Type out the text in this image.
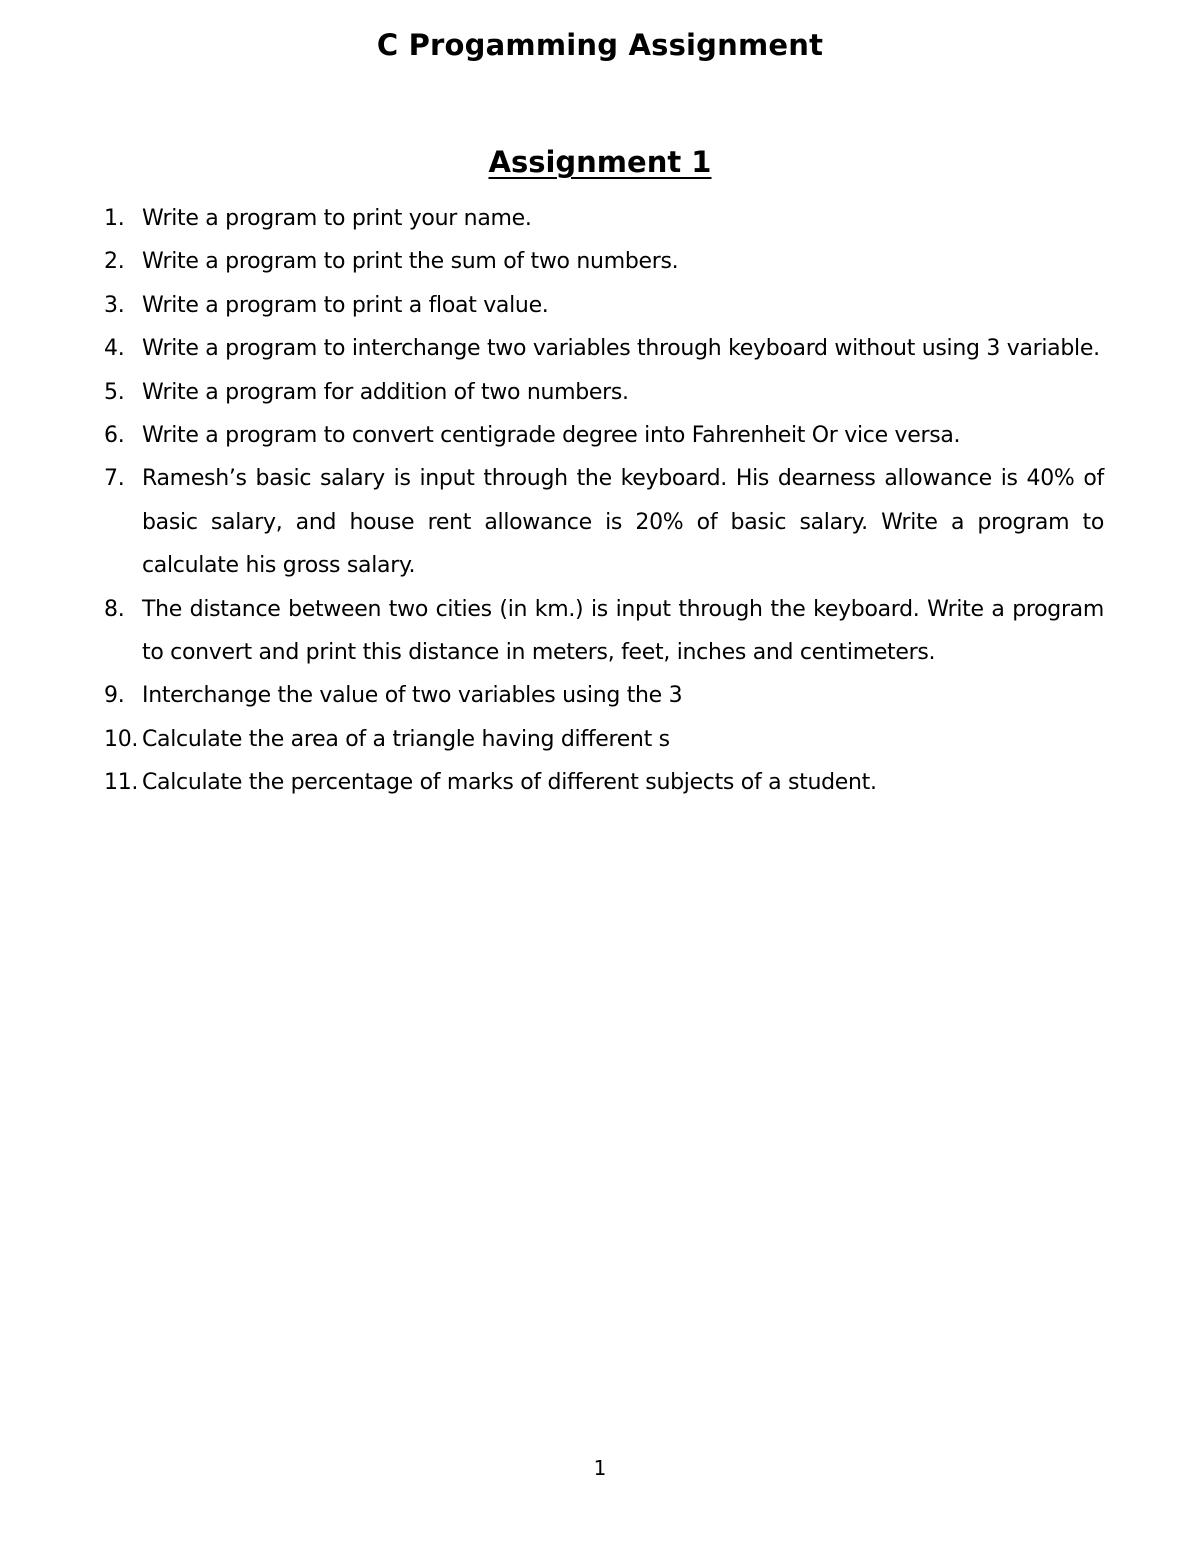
C Progamming Assignment
Assignment 1
1. Write a program to print your name.
2. Write a program to print the sum of two numbers.
3. Write a program to print a float value.
4. Write a program to interchange two variables through keyboard without using 3 variable.
5. Write a program for addition of two numbers.
6. Write a program to convert centigrade degree into Fahrenheit Or vice versa.
7. Ramesh’s basic salary is input through the keyboard. His dearness allowance is 40% of basic salary, and house rent allowance is 20% of basic salary. Write a program to calculate his gross salary.
8. The distance between two cities (in km.) is input through the keyboard. Write a program to convert and print this distance in meters, feet, inches and centimeters.
9. Interchange the value of two variables using the 3
10. Calculate the area of a triangle having different s
11. Calculate the percentage of marks of different subjects of a student.
1
